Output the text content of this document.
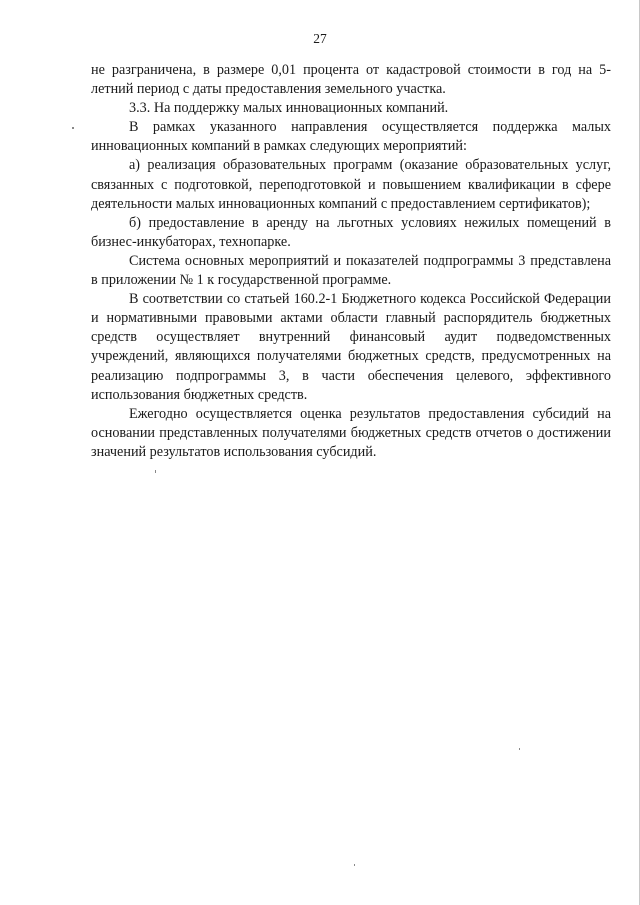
27

не разграничена, в размере 0,01 процента от кадастровой стоимости в год на 5-летний период с даты предоставления земельного участка.

3.3. На поддержку малых инновационных компаний.

В рамках указанного направления осуществляется поддержка малых инновационных компаний в рамках следующих мероприятий:

а) реализация образовательных программ (оказание образовательных услуг, связанных с подготовкой, переподготовкой и повышением квалификации в сфере деятельности малых инновационных компаний с предоставлением сертификатов);

б) предоставление в аренду на льготных условиях нежилых помещений в бизнес-инкубаторах, технопарке.

Система основных мероприятий и показателей подпрограммы 3 представлена в приложении № 1 к государственной программе.

В соответствии со статьей 160.2-1 Бюджетного кодекса Российской Федерации и нормативными правовыми актами области главный распорядитель бюджетных средств осуществляет внутренний финансовый аудит подведомственных учреждений, являющихся получателями бюджетных средств, предусмотренных на реализацию подпрограммы 3, в части обеспечения целевого, эффективного использования бюджетных средств.

Ежегодно осуществляется оценка результатов предоставления субсидий на основании представленных получателями бюджетных средств отчетов о достижении значений результатов использования субсидий.
